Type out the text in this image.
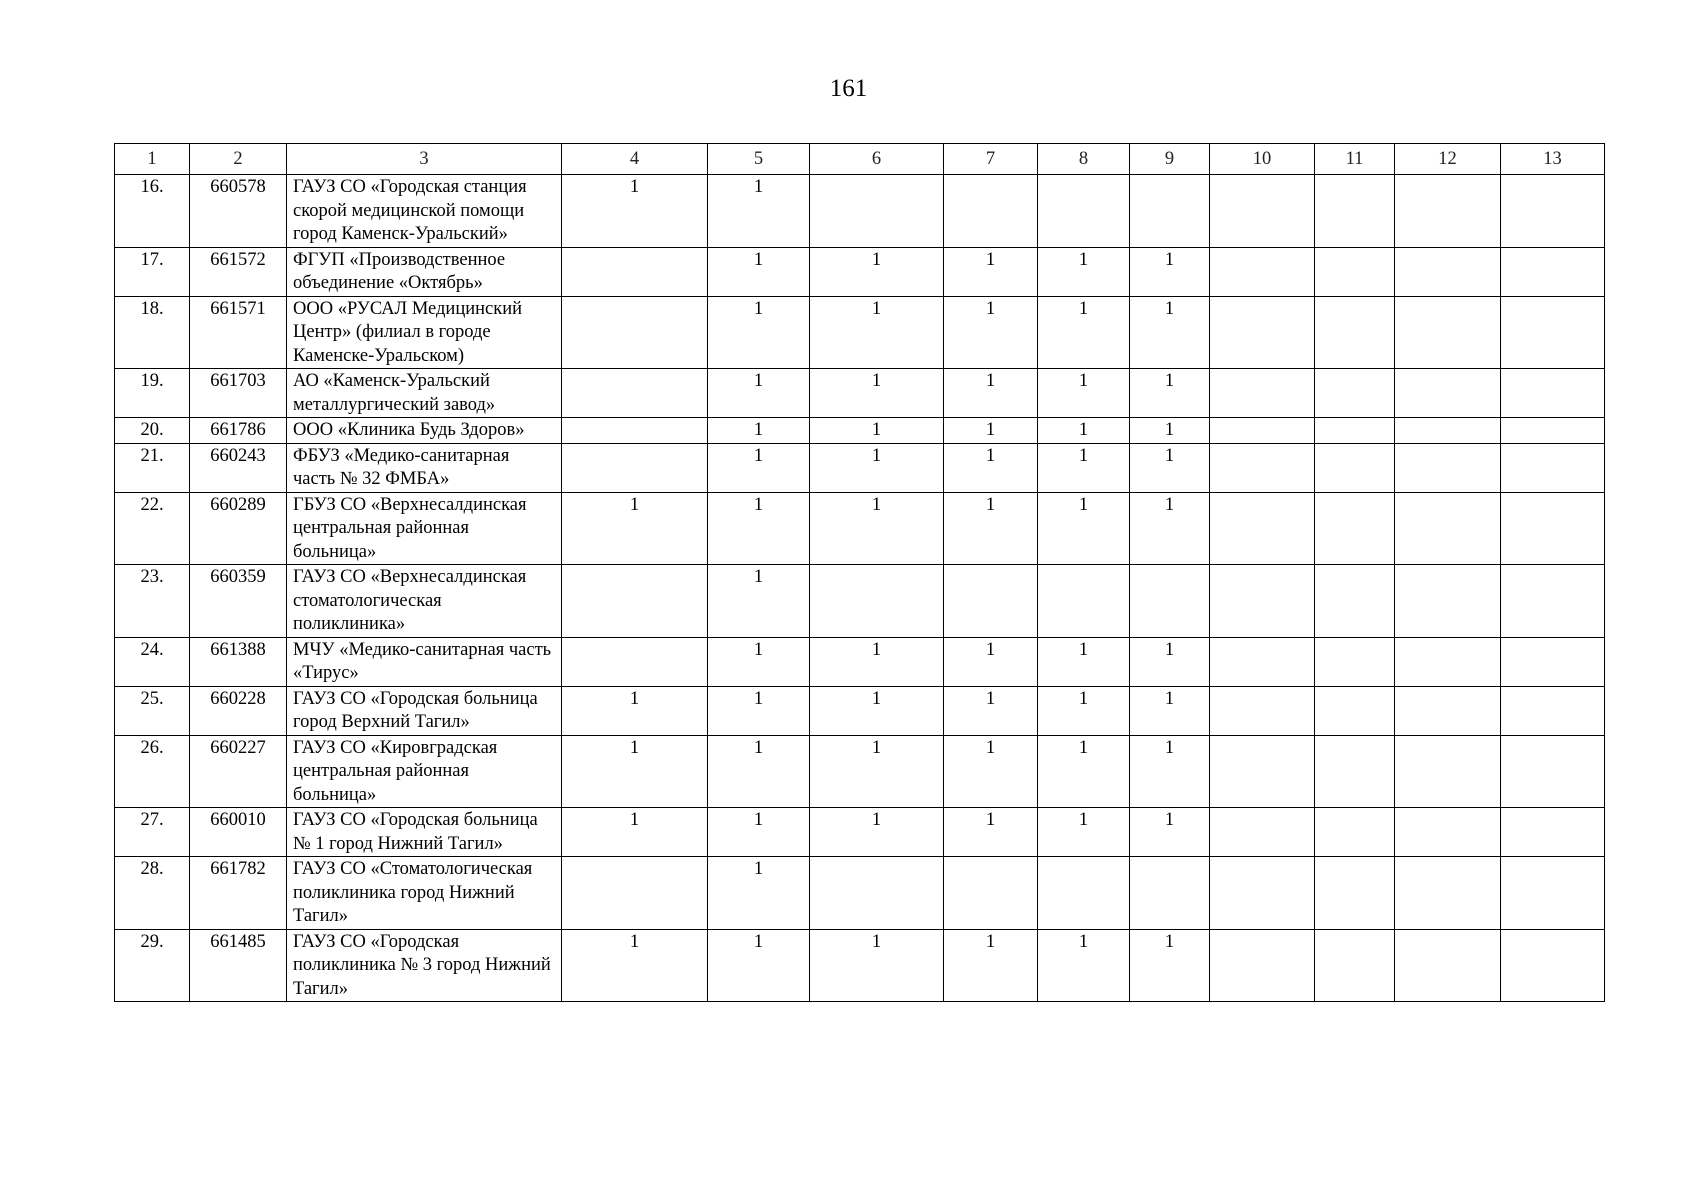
161
1	2	3	4	5	6	7	8	9	10	11	12	13
16.	660578	ГАУЗ СО «Городская станция скорой медицинской помощи город Каменск-Уральский»	1	1								
17.	661572	ФГУП «Производственное объединение «Октябрь»		1	1	1	1	1				
18.	661571	ООО «РУСАЛ Медицинский Центр» (филиал в городе Каменске-Уральском)		1	1	1	1	1				
19.	661703	АО «Каменск-Уральский металлургический завод»		1	1	1	1	1				
20.	661786	ООО «Клиника Будь Здоров»		1	1	1	1	1				
21.	660243	ФБУЗ «Медико-санитарная часть № 32 ФМБА»		1	1	1	1	1				
22.	660289	ГБУЗ СО «Верхнесалдинская центральная районная больница»	1	1	1	1	1	1				
23.	660359	ГАУЗ СО «Верхнесалдинская стоматологическая поликлиника»		1								
24.	661388	МЧУ «Медико-санитарная часть «Тирус»		1	1	1	1	1				
25.	660228	ГАУЗ СО «Городская больница город Верхний Тагил»	1	1	1	1	1	1				
26.	660227	ГАУЗ СО «Кировградская центральная районная больница»	1	1	1	1	1	1				
27.	660010	ГАУЗ СО «Городская больница № 1 город Нижний Тагил»	1	1	1	1	1	1				
28.	661782	ГАУЗ СО «Стоматологическая поликлиника город Нижний Тагил»		1								
29.	661485	ГАУЗ СО «Городская поликлиника № 3 город Нижний Тагил»	1	1	1	1	1	1				
